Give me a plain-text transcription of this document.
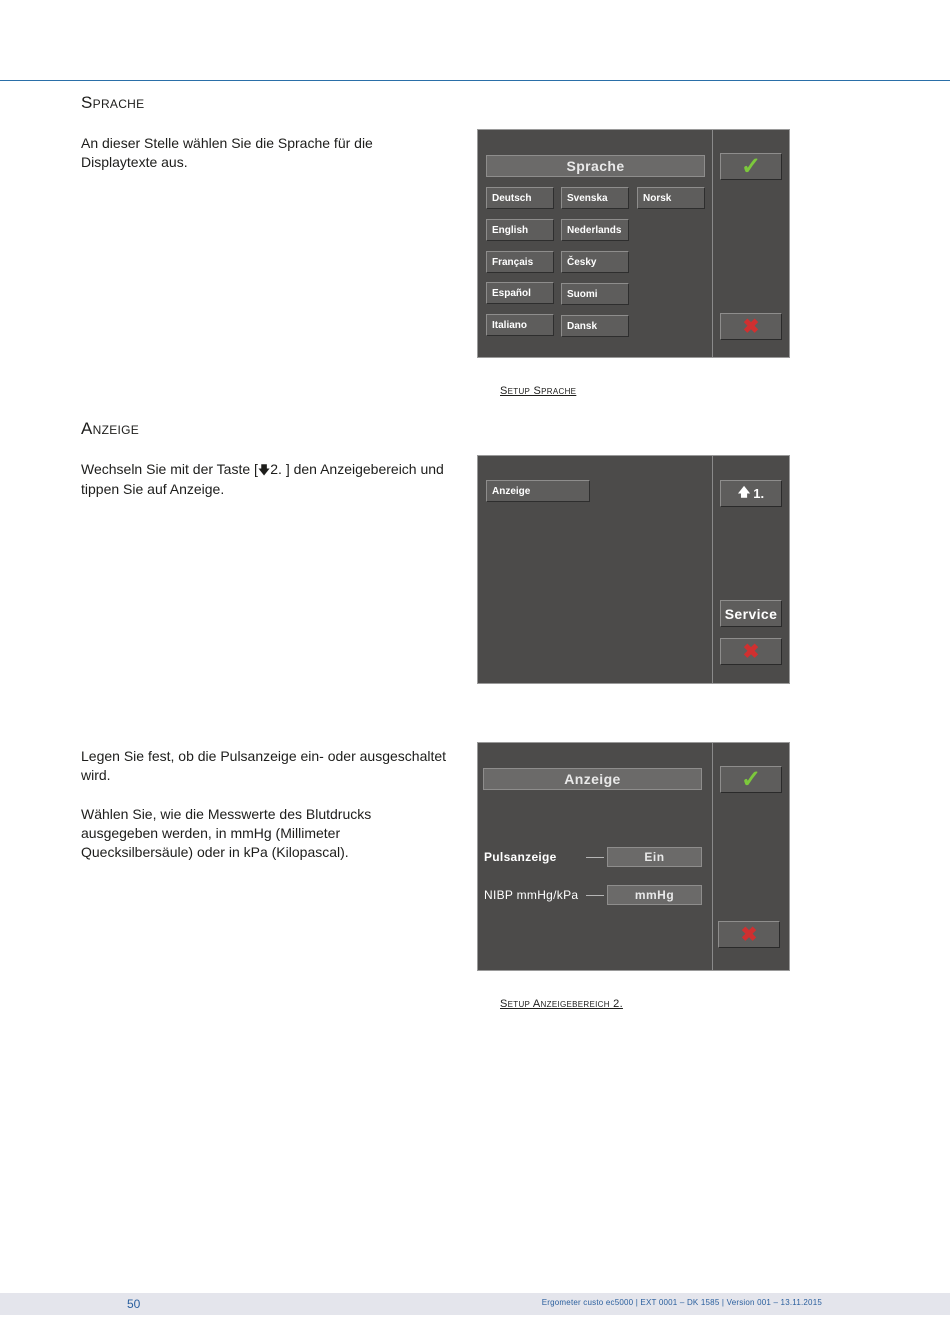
Sprache

An dieser Stelle wählen Sie die Sprache für die Displaytexte aus.	Sprache
Deutsch	Svenska	Norsk
English	Nederlands
Français	Česky
Español	Suomi
Italiano	Dansk
✓
✖
Setup Sprache
Anzeige

Wechseln Sie mit der Taste [🡇2. ] den Anzeigebereich und tippen Sie auf Anzeige.	Anzeige	🡅 1.
Service
✖

Legen Sie fest, ob die Pulsanzeige ein- oder ausgeschaltet wird.

Wählen Sie, wie die Messwerte des Blutdrucks ausgegeben werden, in mmHg (Millimeter Quecksilbersäule) oder in kPa (Kilopascal).

Anzeige
Pulsanzeige	Ein
NIBP mmHg/kPa	mmHg
✓
✖
Setup Anzeigebereich 2.
50	Ergometer custo ec5000 | EXT 0001 – DK 1585 | Version 001 – 13.11.2015
